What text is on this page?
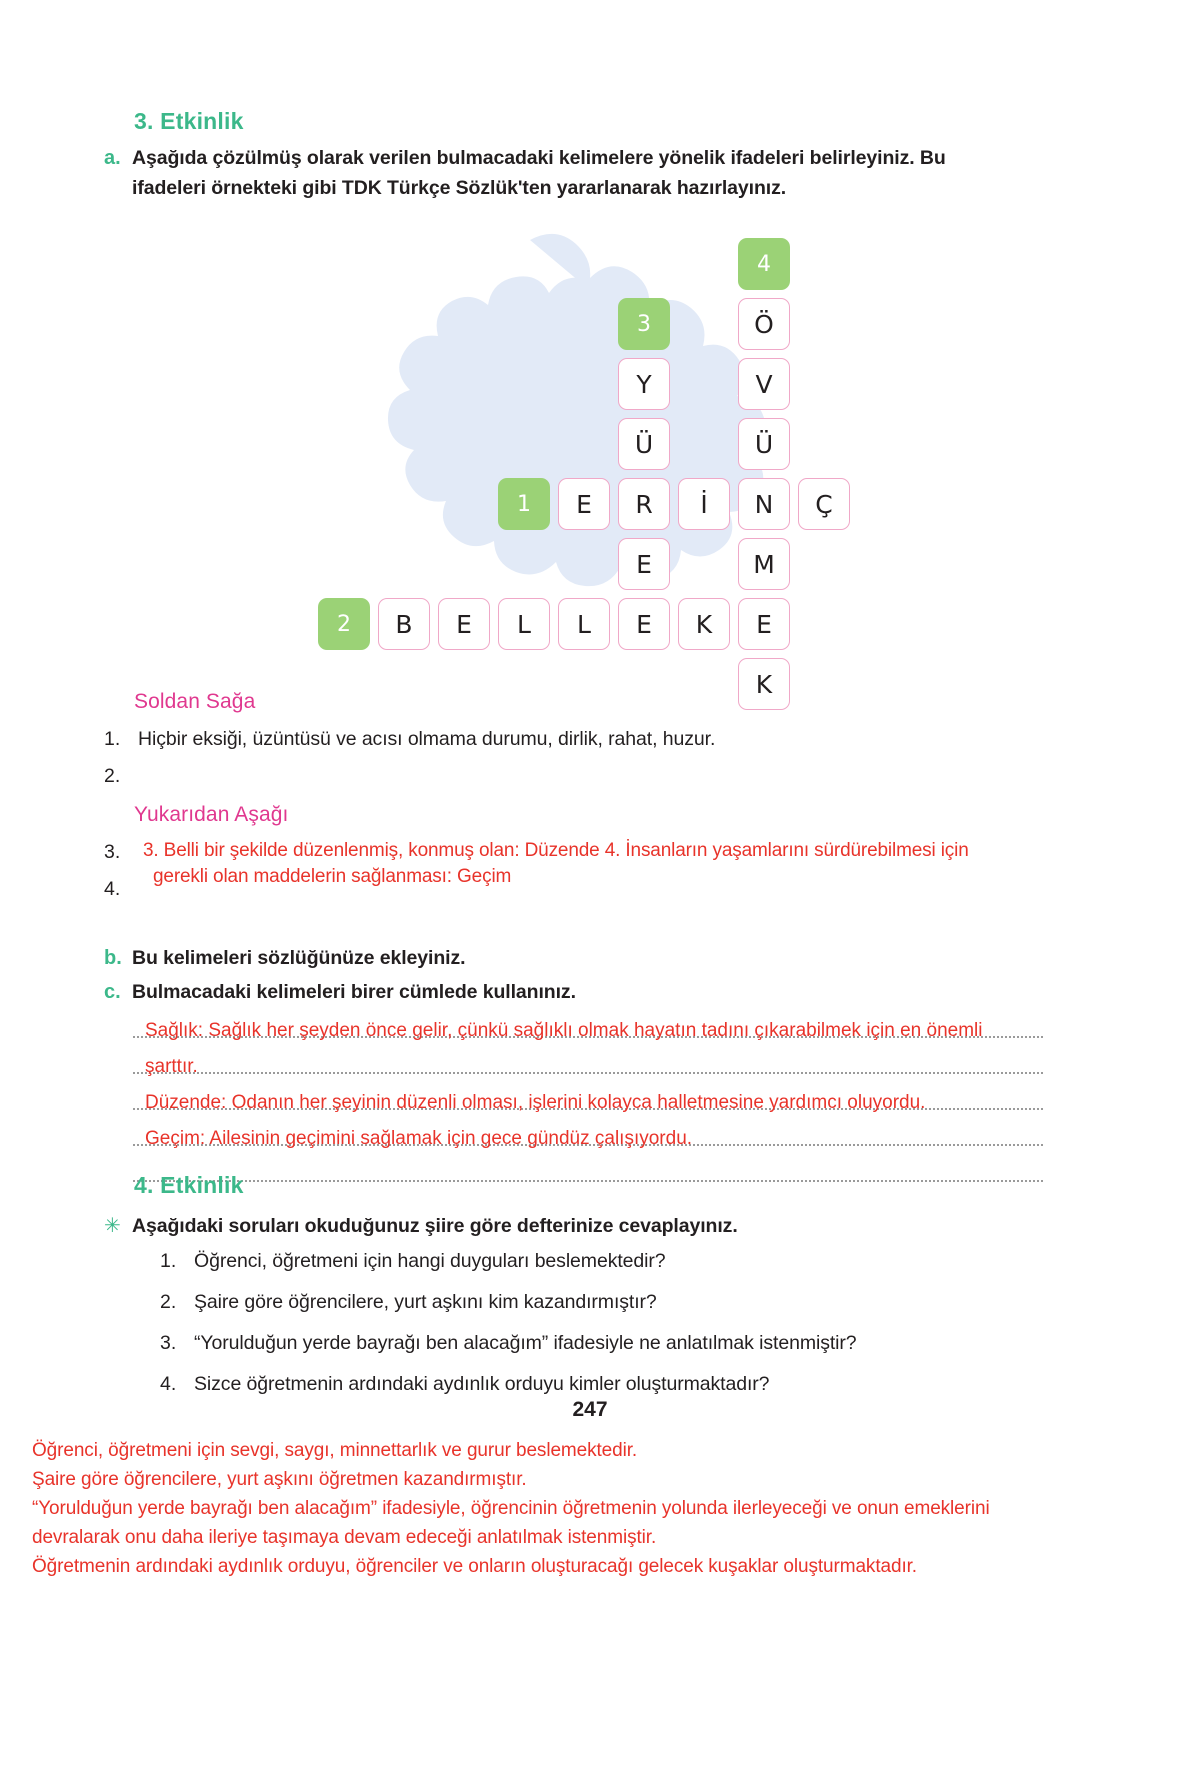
3. Etkinlik
a. Aşağıda çözülmüş olarak verilen bulmacadaki kelimelere yönelik ifadeleri belirleyiniz. Bu ifadeleri örnekteki gibi TDK Türkçe Sözlük'ten yararlanarak hazırlayınız.
4
3	Ö
Y	V
Ü	Ü
1	E	R	İ	N	Ç
E	M
2	B	E	L	L	E	K	E
K
Soldan Sağa
1. Hiçbir eksiği, üzüntüsü ve acısı olmama durumu, dirlik, rahat, huzur.
2.
Yukarıdan Aşağı
3.
4.
3. Belli bir şekilde düzenlenmiş, konmuş olan: Düzende 4. İnsanların yaşamlarını sürdürebilmesi için
gerekli olan maddelerin sağlanması: Geçim
b. Bu kelimeleri sözlüğünüze ekleyiniz.
c. Bulmacadaki kelimeleri birer cümlede kullanınız.
Sağlık: Sağlık her şeyden önce gelir, çünkü sağlıklı olmak hayatın tadını çıkarabilmek için en önemli
şarttır.
Düzende: Odanın her şeyinin düzenli olması, işlerini kolayca halletmesine yardımcı oluyordu.
Geçim: Ailesinin geçimini sağlamak için gece gündüz çalışıyordu.
4. Etkinlik
✳ Aşağıdaki soruları okuduğunuz şiire göre defterinize cevaplayınız.
1. Öğrenci, öğretmeni için hangi duyguları beslemektedir?
2. Şaire göre öğrencilere, yurt aşkını kim kazandırmıştır?
3. “Yorulduğun yerde bayrağı ben alacağım” ifadesiyle ne anlatılmak istenmiştir?
4. Sizce öğretmenin ardındaki aydınlık orduyu kimler oluşturmaktadır?
247
Öğrenci, öğretmeni için sevgi, saygı, minnettarlık ve gurur beslemektedir.
Şaire göre öğrencilere, yurt aşkını öğretmen kazandırmıştır.
“Yorulduğun yerde bayrağı ben alacağım” ifadesiyle, öğrencinin öğretmenin yolunda ilerleyeceği ve onun emeklerini
devralarak onu daha ileriye taşımaya devam edeceği anlatılmak istenmiştir.
Öğretmenin ardındaki aydınlık orduyu, öğrenciler ve onların oluşturacağı gelecek kuşaklar oluşturmaktadır.
